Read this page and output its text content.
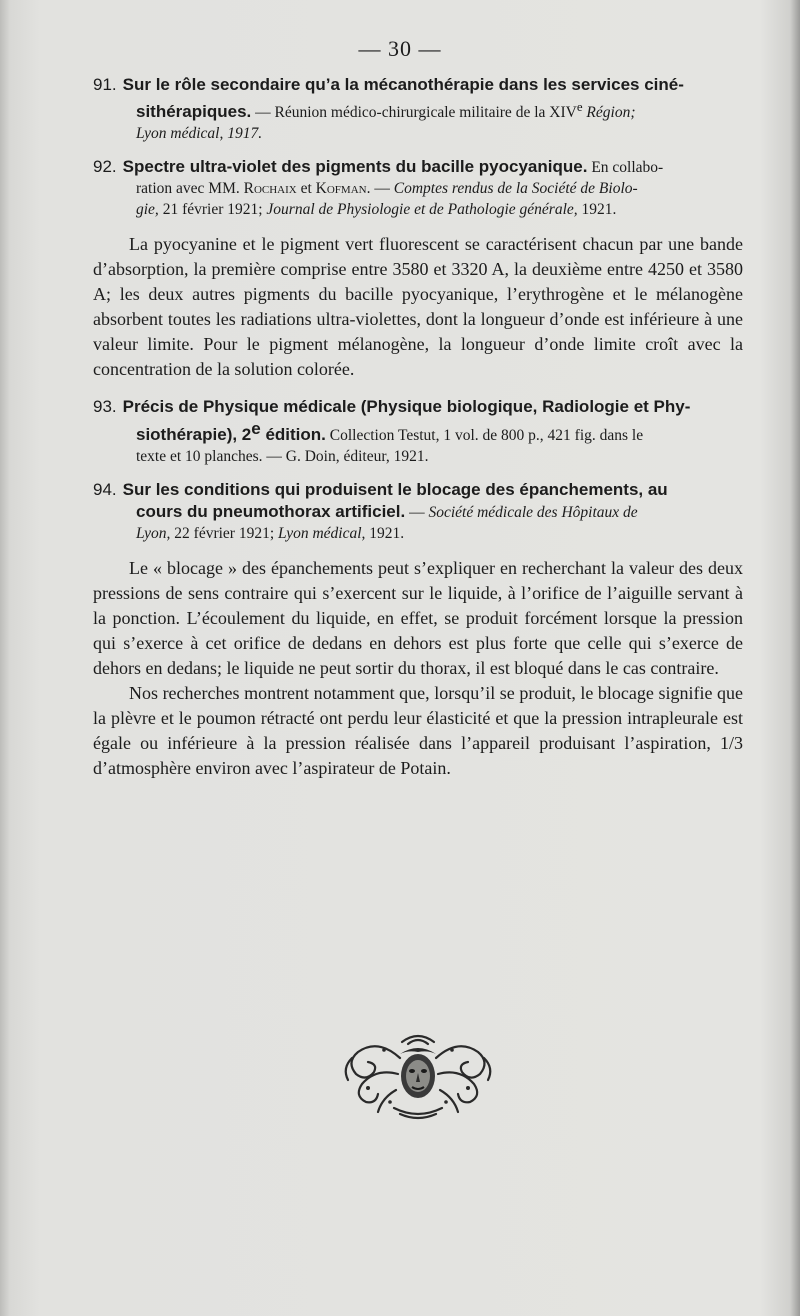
— 30 —
91. Sur le rôle secondaire qu’a la mécanothérapie dans les services ciné-
sithérapiques. — Réunion médico-chirurgicale militaire de la XIVe Région;
Lyon médical, 1917.
92. Spectre ultra-violet des pigments du bacille pyocyanique. En collabo-
ration avec MM. Rochaix et Kofman. — Comptes rendus de la Société de Biolo-
gie, 21 février 1921; Journal de Physiologie et de Pathologie générale, 1921.

La pyocyanine et le pigment vert fluorescent se caractérisent chacun par une bande d’absorption, la première comprise entre 3580 et 3320 A, la deuxième entre 4250 et 3580 A; les deux autres pigments du bacille pyocyanique, l’erythrogène et le mélanogène absorbent toutes les radiations ultra-violettes, dont la longueur d’onde est inférieure à une valeur limite. Pour le pigment mélanogène, la longueur d’onde limite croît avec la concentration de la solution colorée.

93. Précis de Physique médicale (Physique biologique, Radiologie et Phy-
siothérapie), 2e édition. Collection Testut, 1 vol. de 800 p., 421 fig. dans le
texte et 10 planches. — G. Doin, éditeur, 1921.
94. Sur les conditions qui produisent le blocage des épanchements, au
cours du pneumothorax artificiel. — Société médicale des Hôpitaux de
Lyon, 22 février 1921; Lyon médical, 1921.

Le « blocage » des épanchements peut s’expliquer en recherchant la valeur des deux pressions de sens contraire qui s’exercent sur le liquide, à l’orifice de l’aiguille servant à la ponction. L’écoulement du liquide, en effet, se produit forcément lorsque la pression qui s’exerce à cet orifice de dedans en dehors est plus forte que celle qui s’exerce de dehors en dedans; le liquide ne peut sortir du thorax, il est bloqué dans le cas contraire.

Nos recherches montrent notamment que, lorsqu’il se produit, le blocage signifie que la plèvre et le poumon rétracté ont perdu leur élasticité et que la pression intrapleurale est égale ou inférieure à la pression réalisée dans l’appareil produisant l’aspiration, 1/3 d’atmosphère environ avec l’aspirateur de Potain.
